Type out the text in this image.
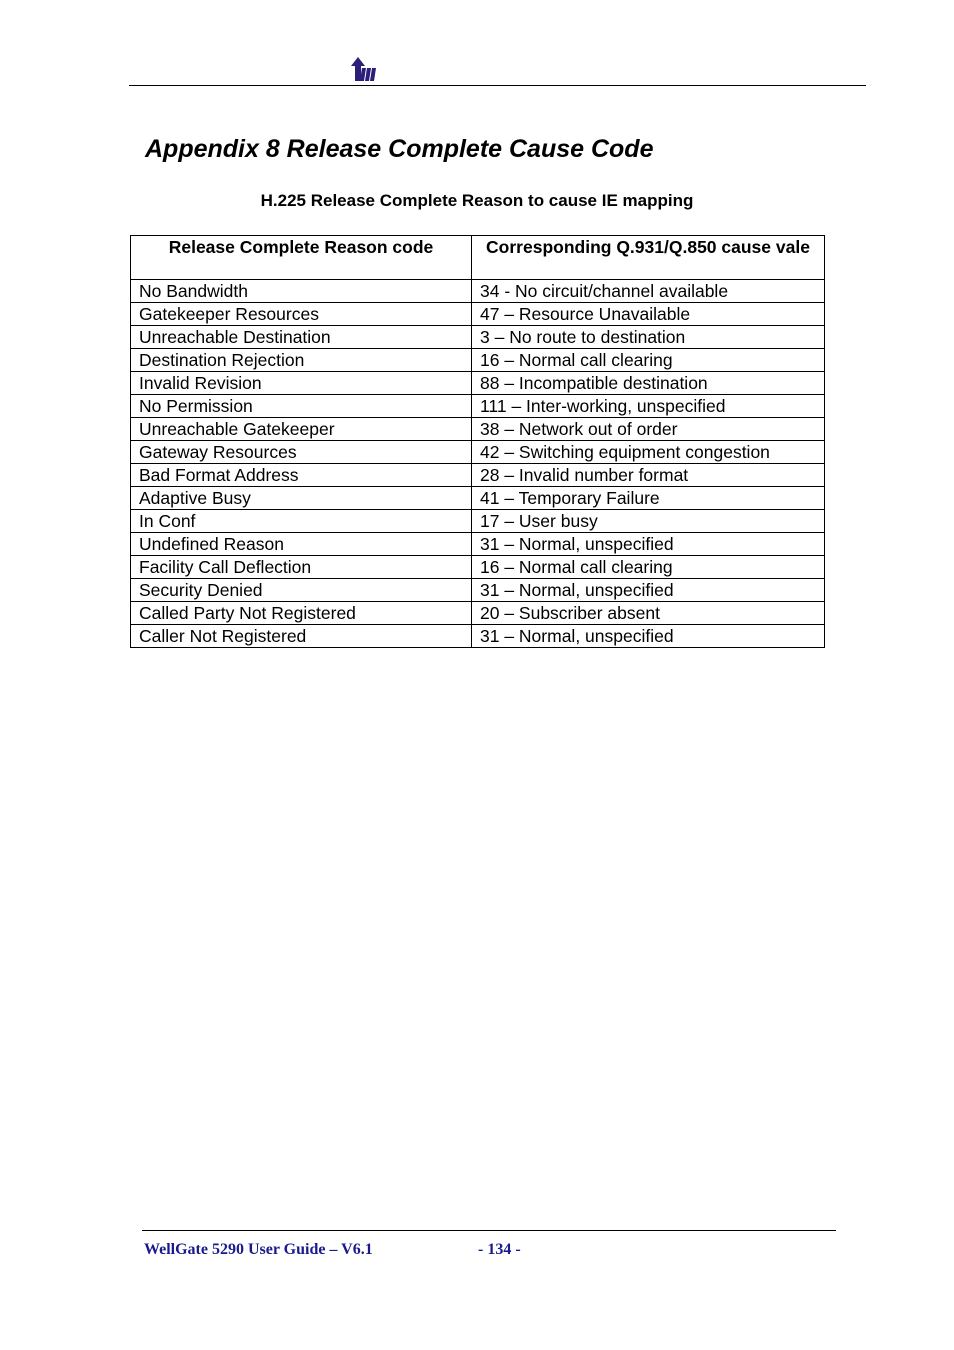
Appendix 8 Release Complete Cause Code
H.225 Release Complete Reason to cause IE mapping
Release Complete Reason code	Corresponding Q.931/Q.850 cause vale
No Bandwidth	34 - No circuit/channel available
Gatekeeper Resources	47 – Resource Unavailable
Unreachable Destination	3 – No route to destination
Destination Rejection	16 – Normal call clearing
Invalid Revision	88 – Incompatible destination
No Permission	111 – Inter-working, unspecified
Unreachable Gatekeeper	38 – Network out of order
Gateway Resources	42 – Switching equipment congestion
Bad Format Address	28 – Invalid number format
Adaptive Busy	41 – Temporary Failure
In Conf	17 – User busy
Undefined Reason	31 – Normal, unspecified
Facility Call Deflection	16 – Normal call clearing
Security Denied	31 – Normal, unspecified
Called Party Not Registered	20 – Subscriber absent
Caller Not Registered	31 – Normal, unspecified
WellGate 5290 User Guide – V6.1	- 134 -
